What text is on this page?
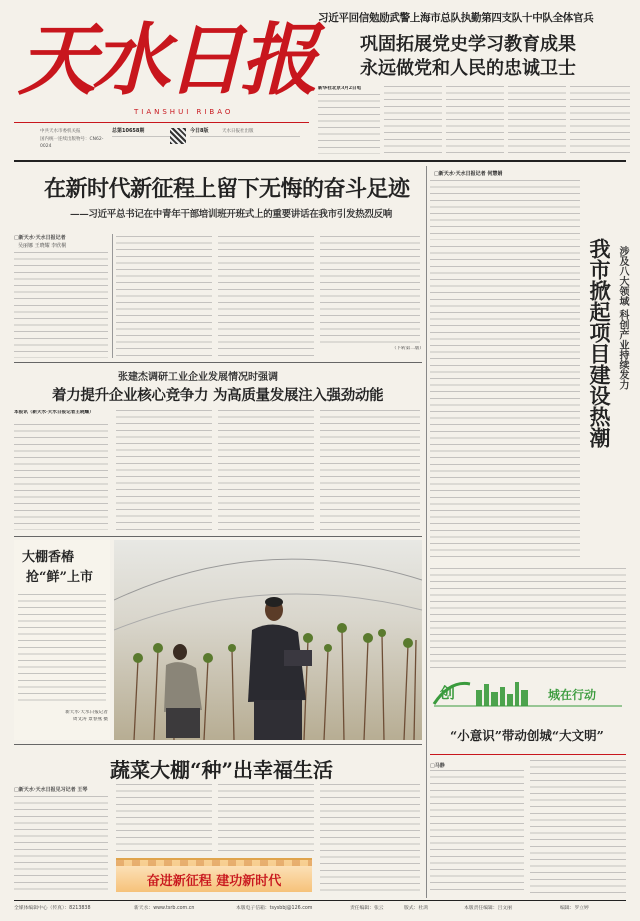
天水日报
TIANSHUI RIBAO
中共天水市委机关报
国内统一连续出版物号：CN62-0024
总第10658期	今日8版	天水日报社出版
习近平回信勉励武警上海市总队执勤第四支队十中队全体官兵
巩固拓展党史学习教育成果
永远做党和人民的忠诚卫士
新华社北京3月2日电
在新时代新征程上留下无悔的奋斗足迹
——习近平总书记在中青年干部培训班开班式上的重要讲话在我市引发热烈反响
□新天水·天水日报记者
吴丽娜 王晓耀 李欣桐
（下转第二版）
张建杰调研工业企业发展情况时强调
着力提升企业核心竞争力 为高质量发展注入强劲动能
本报讯（新天水·天水日报记者王晓耀）
大棚香椿
抢“鲜”上市
新天水·天水日报记者
周文涛 景春燕 摄
蔬菜大棚“种”出幸福生活
□新天水·天水日报见习记者 王琴
奋进新征程 建功新时代
□新天水·天水日报记者 何慧娟
我市掀起项目建设热潮 涉及八大领域 科创产业持续发力
创	城在行动
“小意识”带动创城“大文明”
□马静
全媒体编辑中心（传真）：8213838	新天水：www.tsrb.com.cn	本版电子信箱：tsysbbj@126.com	责任编辑：张云	版式：杜鸿	本版责任编辑：吕文丽	编辑：罗立婷
